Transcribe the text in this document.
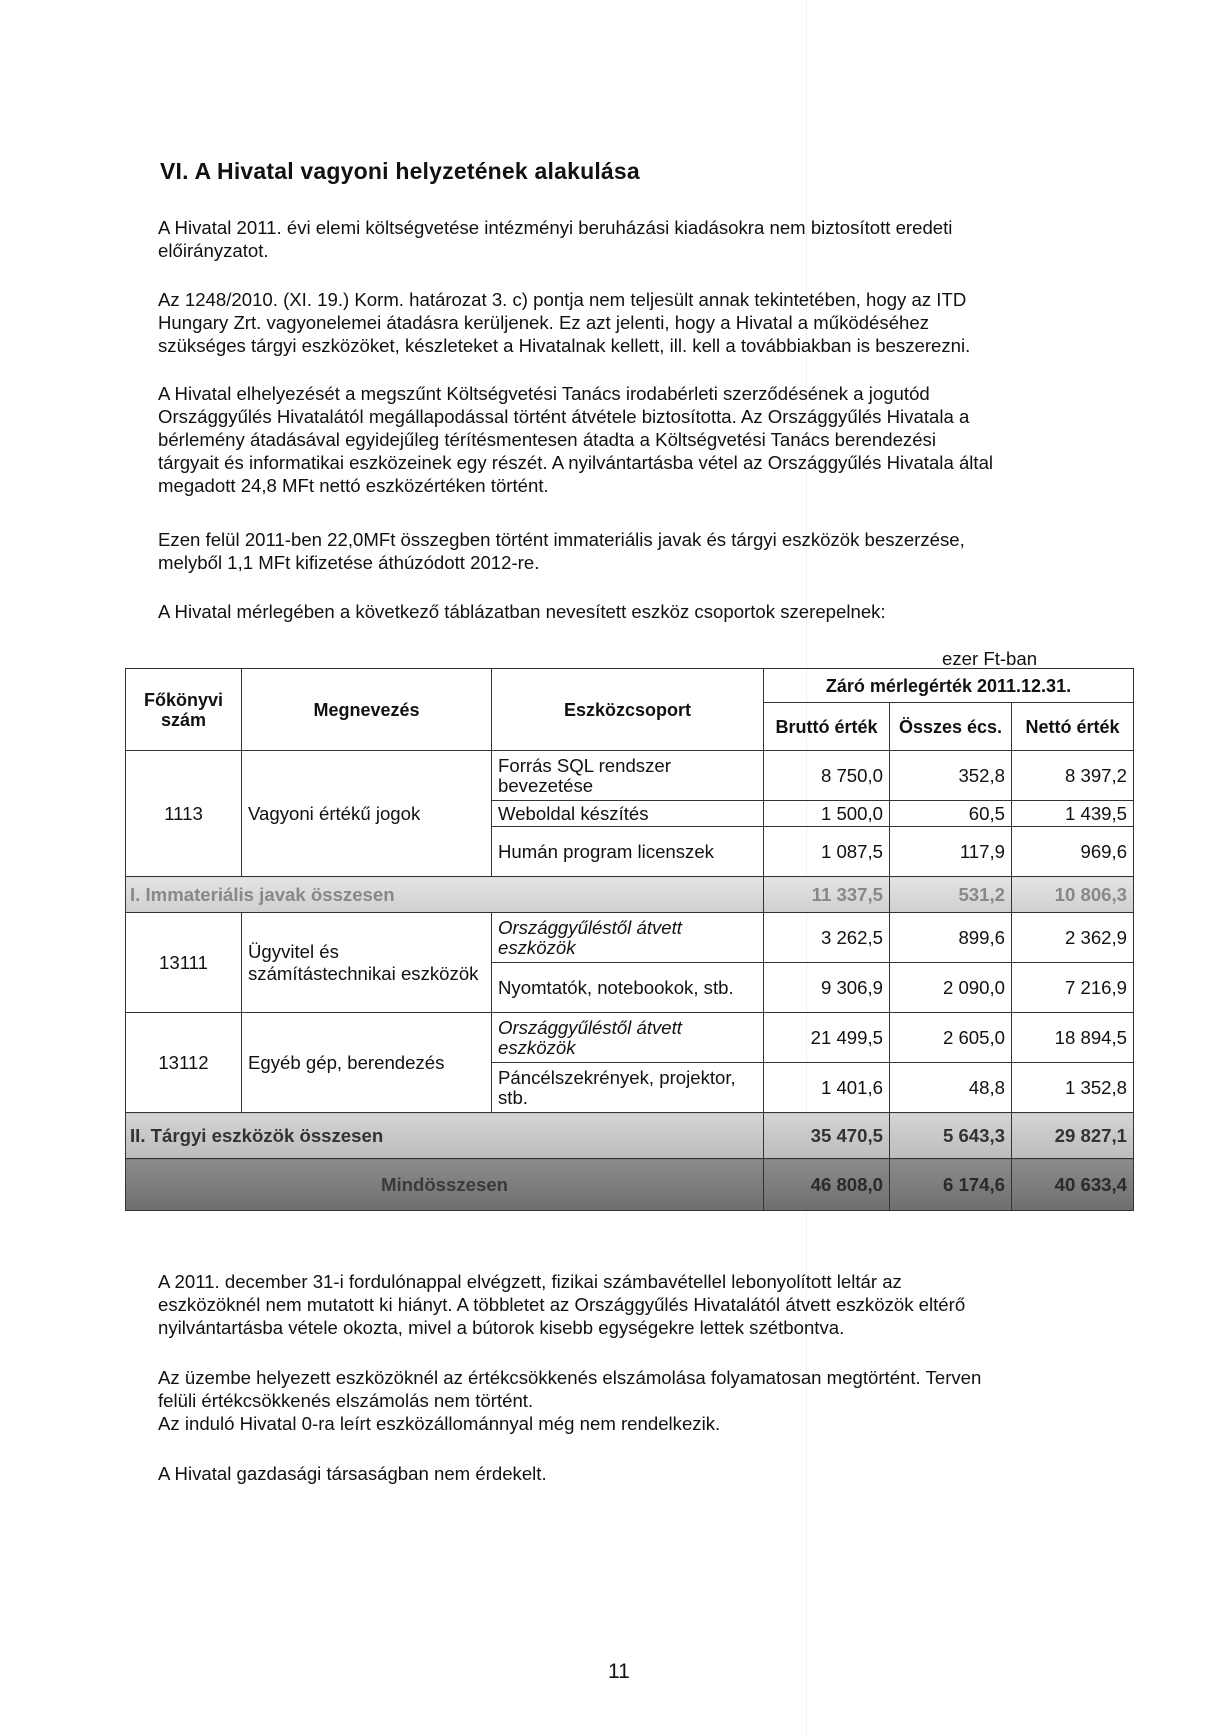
VI. A Hivatal vagyoni helyzetének alakulása

A Hivatal 2011. évi elemi költségvetése intézményi beruházási kiadásokra nem biztosított eredeti
előirányzatot.

Az 1248/2010. (XI. 19.) Korm. határozat 3. c) pontja nem teljesült annak tekintetében, hogy az ITD
Hungary Zrt. vagyonelemei átadásra kerüljenek. Ez azt jelenti, hogy a Hivatal a működéséhez
szükséges tárgyi eszközöket, készleteket a Hivatalnak kellett, ill. kell a továbbiakban is beszerezni.

A Hivatal elhelyezését a megszűnt Költségvetési Tanács irodabérleti szerződésének a jogutód
Országgyűlés Hivatalától megállapodással történt átvétele biztosította. Az Országgyűlés Hivatala a
bérlemény átadásával egyidejűleg térítésmentesen átadta a Költségvetési Tanács berendezési
tárgyait és informatikai eszközeinek egy részét. A nyilvántartásba vétel az Országgyűlés Hivatala által
megadott 24,8 MFt nettó eszközértéken történt.

Ezen felül 2011-ben 22,0MFt összegben történt immateriális javak és tárgyi eszközök beszerzése,
melyből 1,1 MFt kifizetése áthúzódott 2012-re.

A Hivatal mérlegében a következő táblázatban nevesített eszköz csoportok szerepelnek:

ezer Ft-ban
Főkönyvi szám	Megnevezés	Eszközcsoport	Záró mérlegérték 2011.12.31.		
			Bruttó érték	Összes écs.	Nettó érték
1113	Vagyoni értékű jogok	Forrás SQL rendszer bevezetése	8 750,0	352,8	8 397,2
		Weboldal készítés	1 500,0	60,5	1 439,5
		Humán program licenszek	1 087,5	117,9	969,6
I. Immateriális javak összesen			11 337,5	531,2	10 806,3
13111	Ügyvitel és számítástechnikai eszközök	Országgyűléstől átvett eszközök	3 262,5	899,6	2 362,9
		Nyomtatók, notebookok, stb.	9 306,9	2 090,0	7 216,9
13112	Egyéb gép, berendezés	Országgyűléstől átvett eszközök	21 499,5	2 605,0	18 894,5
		Páncélszekrények, projektor, stb.	1 401,6	48,8	1 352,8
II. Tárgyi eszközök összesen			35 470,5	5 643,3	29 827,1
Mindösszesen			46 808,0	6 174,6	40 633,4

A 2011. december 31-i fordulónappal elvégzett, fizikai számbavétellel lebonyolított leltár az
eszközöknél nem mutatott ki hiányt. A többletet az Országgyűlés Hivatalától átvett eszközök eltérő
nyilvántartásba vétele okozta, mivel a bútorok kisebb egységekre lettek szétbontva.

Az üzembe helyezett eszközöknél az értékcsökkenés elszámolása folyamatosan megtörtént. Terven
felüli értékcsökkenés elszámolás nem történt.
Az induló Hivatal 0-ra leírt eszközállománnyal még nem rendelkezik.

A Hivatal gazdasági társaságban nem érdekelt.

11
